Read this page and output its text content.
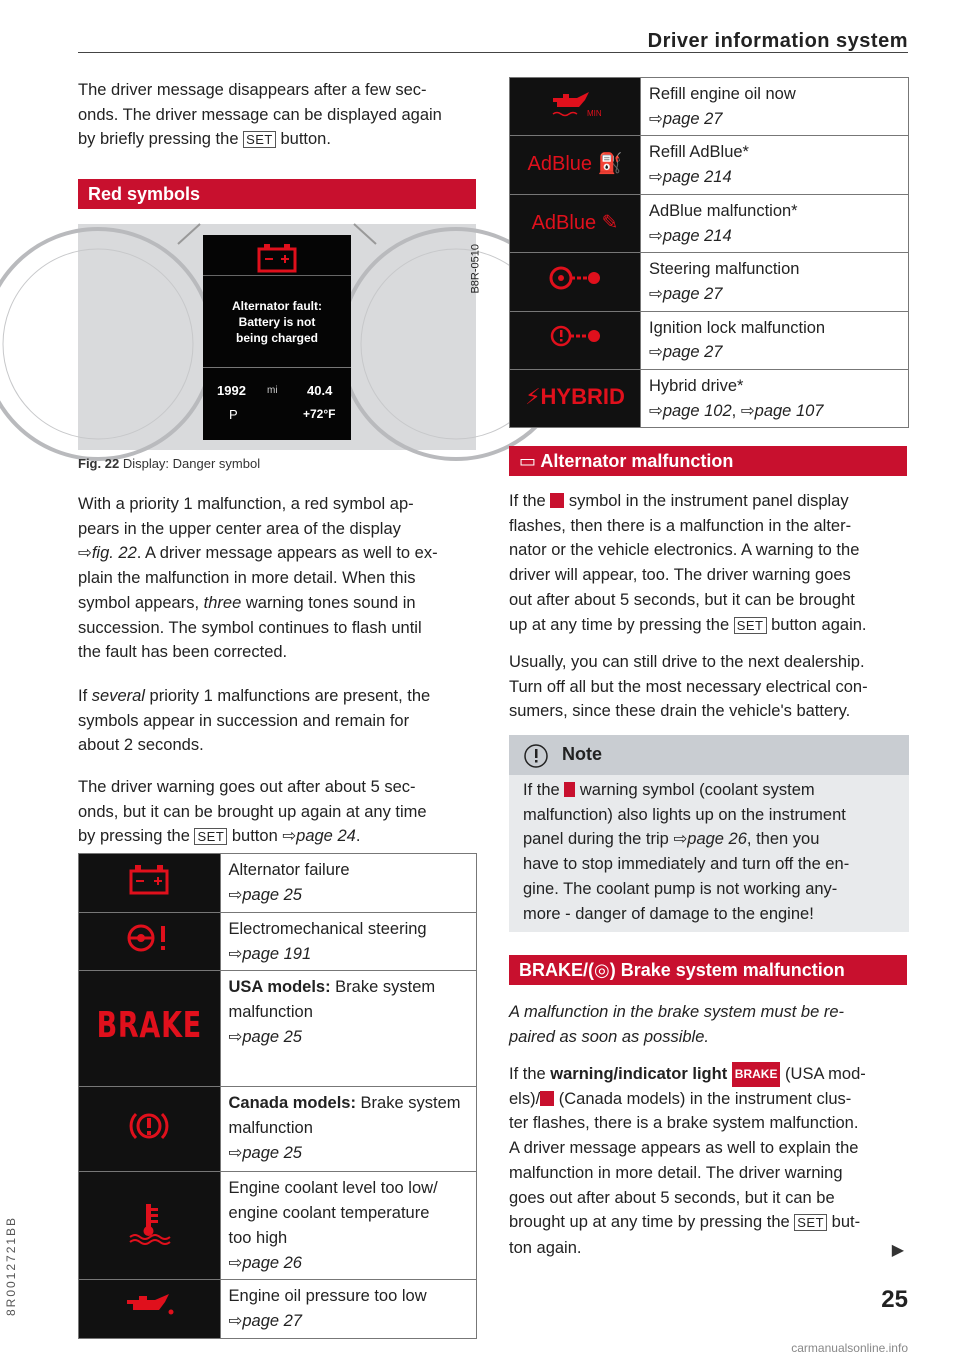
Driver information system
The driver message disappears after a few sec-
onds. The driver message can be displayed again
by briefly pressing the SET button.
Red symbols
B8R-0510
Alternator fault:
Battery is not
being charged
1992 mi 40.4
P	+72°F
Fig. 22 Display: Danger symbol
With a priority 1 malfunction, a red symbol ap-
pears in the upper center area of the display
⇨fig. 22. A driver message appears as well to ex-
plain the malfunction in more detail. When this
symbol appears, three warning tones sound in
succession. The symbol continues to flash until
the fault has been corrected.
If several priority 1 malfunctions are present, the
symbols appear in succession and remain for
about 2 seconds.
The driver warning goes out after about 5 sec-
onds, but it can be brought up again at any time
by pressing the SET button ⇨page 24.

Alternator failure
⇨page 25

Electromechanical steering
⇨page 191

BRAKE	USA models: Brake system
malfunction
⇨page 25

Canada models: Brake system
malfunction
⇨page 25

Engine coolant level too low/
engine coolant temperature
too high
⇨page 26

Engine oil pressure too low
⇨page 27
MIN	Refill engine oil now
⇨page 27

AdBlue ⛽	Refill AdBlue*
⇨page 214

AdBlue ✎	AdBlue malfunction*
⇨page 214

Steering malfunction
⇨page 27

Ignition lock malfunction
⇨page 27

⚡HYBRID	Hybrid drive*
⇨page 102, ⇨page 107
▭ Alternator malfunction
If the  symbol in the instrument panel display
flashes, then there is a malfunction in the alter-
nator or the vehicle electronics. A warning to the
driver will appear, too. The driver warning goes
out after about 5 seconds, but it can be brought
up at any time by pressing the SET button again.
Usually, you can still drive to the next dealership.
Turn off all but the most necessary electrical con-
sumers, since these drain the vehicle's battery.
Note
If the  warning symbol (coolant system
malfunction) also lights up on the instrument
panel during the trip ⇨page 26, then you
have to stop immediately and turn off the en-
gine. The coolant pump is not working any-
more - danger of damage to the engine!
BRAKE/(◎) Brake system malfunction
A malfunction in the brake system must be re-
paired as soon as possible.
If the warning/indicator light BRAKE (USA mod-
els)/ (Canada models) in the instrument clus-
ter flashes, there is a brake system malfunction.
A driver message appears as well to explain the
malfunction in more detail. The driver warning
goes out after about 5 seconds, but it can be
brought up at any time by pressing the SET but-
ton again.	▶
8R0012721BB	25
carmanualsonline.info
